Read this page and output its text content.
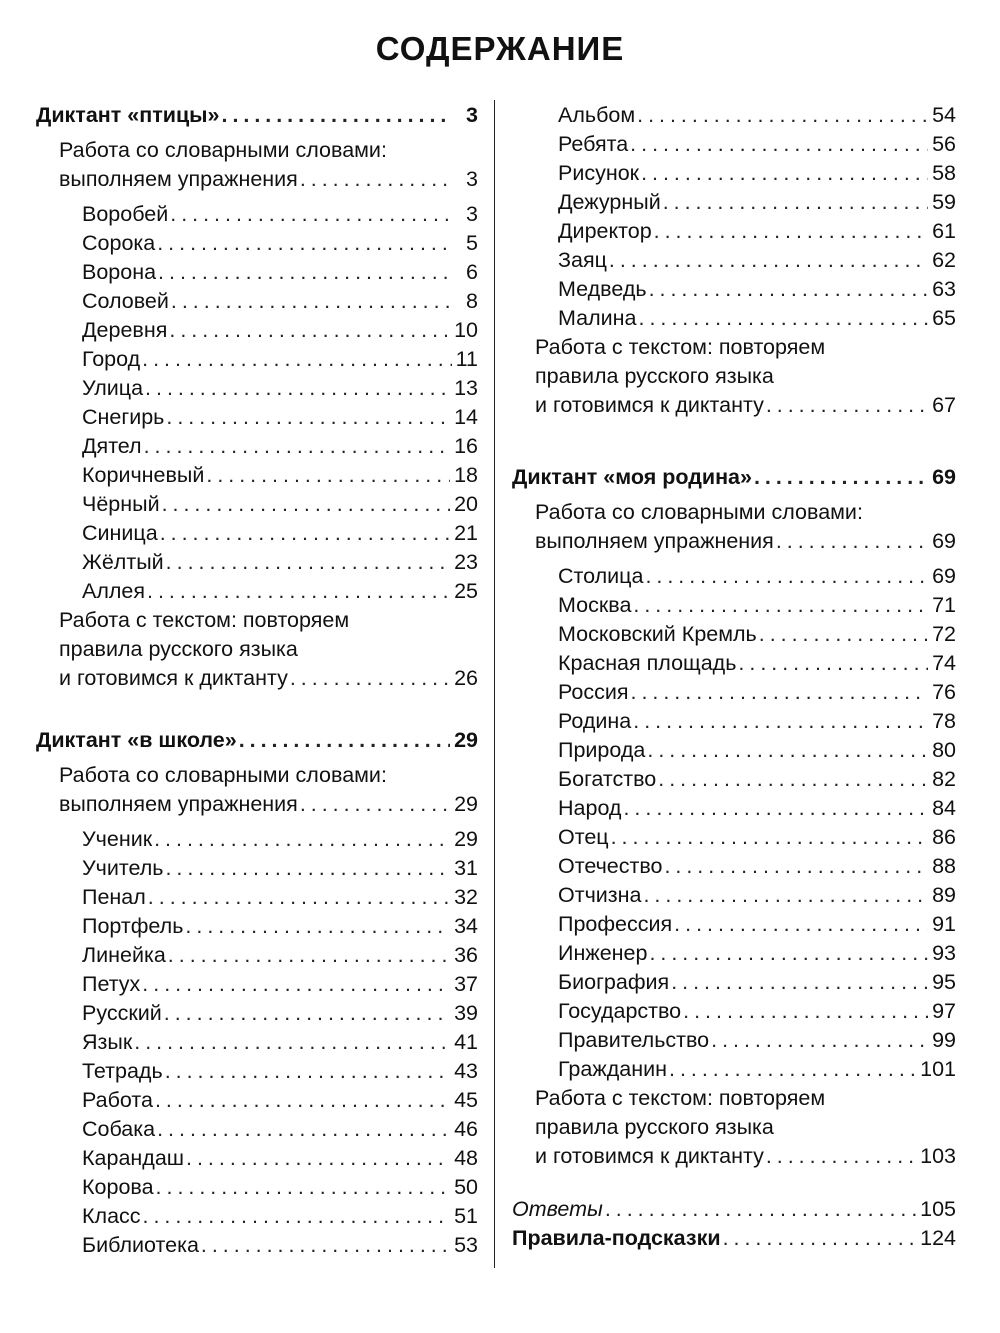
СОДЕРЖАНИЕ
Диктант «птицы» . . .	3
Работа со словарными словами:
выполняем упражнения . . .	3
Воробей . . .	3
Сорока . . .	5
Ворона . . .	6
Соловей . . .	8
Деревня . . .	10
Город . . .	11
Улица . . .	13
Снегирь . . .	14
Дятел . . .	16
Коричневый . . .	18
Чёрный . . .	20
Синица . . .	21
Жёлтый . . .	23
Аллея . . .	25
Работа с текстом: повторяем
правила русского языка
и готовимся к диктанту . . .	26
Диктант «в школе» . . .	29
Работа со словарными словами:
выполняем упражнения . . .	29
Ученик . . .	29
Учитель . . .	31
Пенал . . .	32
Портфель . . .	34
Линейка . . .	36
Петух . . .	37
Русский . . .	39
Язык . . .	41
Тетрадь . . .	43
Работа . . .	45
Собака . . .	46
Карандаш . . .	48
Корова . . .	50
Класс . . .	51
Библиотека . . .	53
Альбом . . .	54
Ребята . . .	56
Рисунок . . .	58
Дежурный . . .	59
Директор . . .	61
Заяц . . .	62
Медведь . . .	63
Малина . . .	65
Работа с текстом: повторяем
правила русского языка
и готовимся к диктанту . . .	67
Диктант «моя родина» . . .	69
Работа со словарными словами:
выполняем упражнения . . .	69
Столица . . .	69
Москва . . .	71
Московский Кремль . . .	72
Красная площадь . . .	74
Россия . . .	76
Родина . . .	78
Природа . . .	80
Богатство . . .	82
Народ . . .	84
Отец . . .	86
Отечество . . .	88
Отчизна . . .	89
Профессия . . .	91
Инженер . . .	93
Биография . . .	95
Государство . . .	97
Правительство . . .	99
Гражданин . . .	101
Работа с текстом: повторяем
правила русского языка
и готовимся к диктанту . . .	103
Ответы . . .	105
Правила-подсказки . . .	124
